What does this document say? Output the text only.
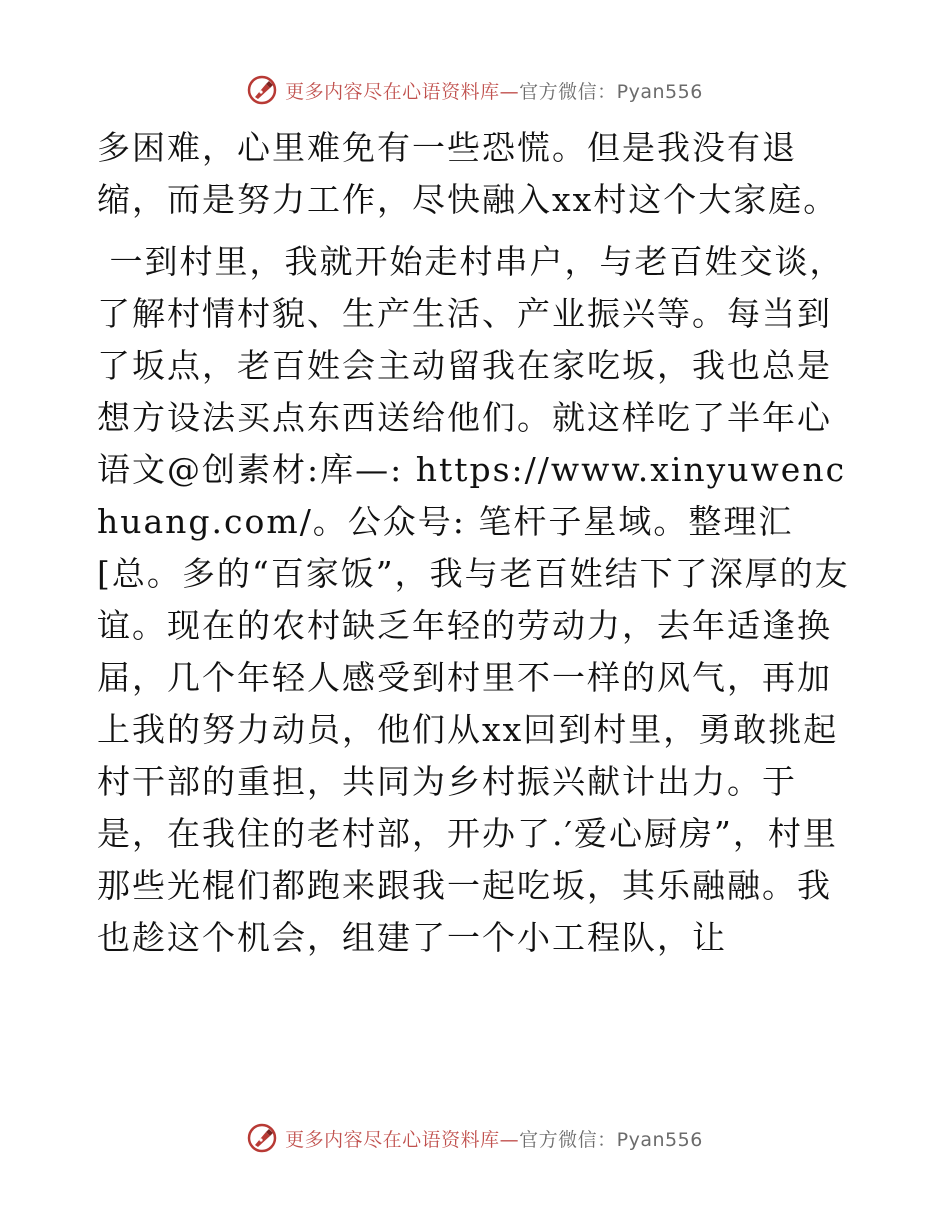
更多内容尽在心语资料库—官方微信：Pyan556

多困难，心里难免有一些恐慌。但是我没有退缩，而是努力工作，尽快融入xx村这个大家庭。

一到村里，我就开始走村串户，与老百姓交谈，了解村情村貌、生产生活、产业振兴等。每当到了坂点，老百姓会主动留我在家吃坂，我也总是想方设法买点东西送给他们。就这样吃了半年心语文@创素材:库—: https://www.xinyuwenchuang.com/。公众号: 笔杆子星域。整理汇[总。多的“百家饭”，我与老百姓结下了深厚的友谊。现在的农村缺乏年轻的劳动力，去年适逢换届，几个年轻人感受到村里不一样的风气，再加上我的努力动员，他们从xx回到村里，勇敢挑起村干部的重担，共同为乡村振兴献计出力。于是，在我住的老村部，开办了.′爱心厨房”，村里那些光棍们都跑来跟我一起吃坂，其乐融融。我也趁这个机会，组建了一个小工程队，让

更多内容尽在心语资料库—官方微信：Pyan556
